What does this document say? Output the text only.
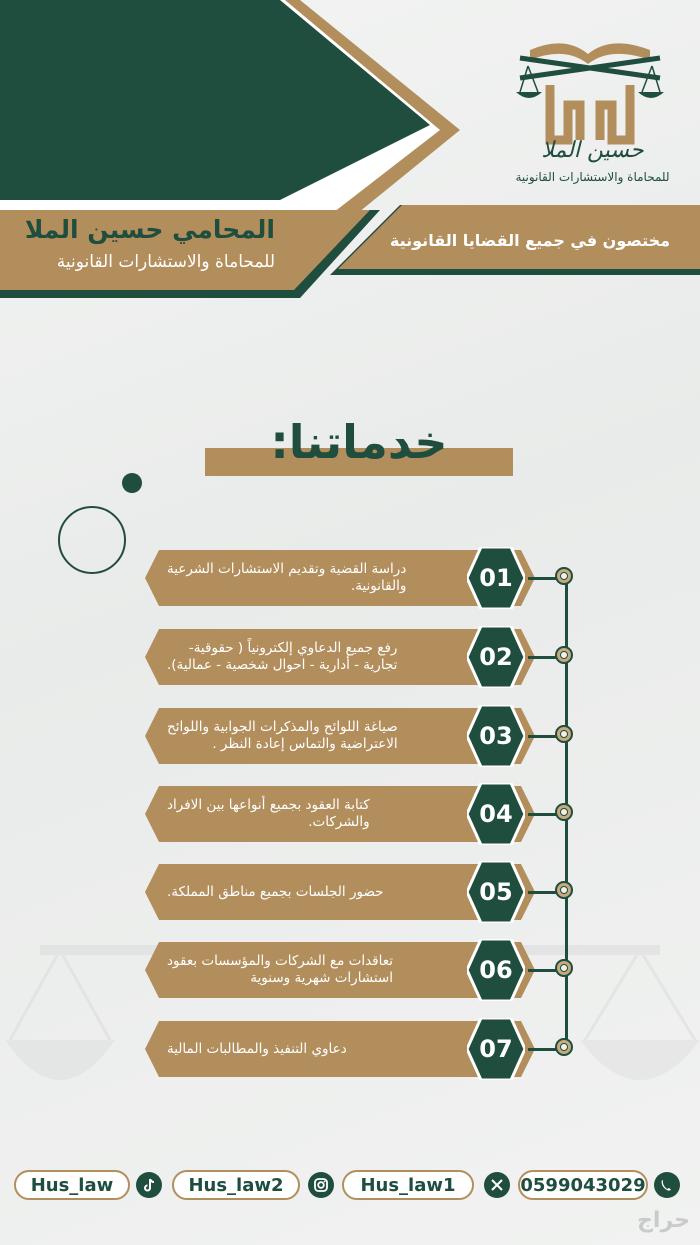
المحامي حسين الملا
للمحاماة والاستشارات القانونية
حسين الملا
للمحاماة والاستشارات القانونية
مختصون في جميع القضايا القانونية
خدماتنا:
دراسة القضية وتقديم الاستشارات الشرعية
والقانونية.	01
رفع جميع الدعاوي إلكترونياً ( حقوقية-
تجارية - أدارية - احوال شخصية - عمالية).	02
صياغة اللوائح والمذكرات الجوابية واللوائح
الاعتراضية والتماس إعادة النظر .	03
كتابة العقود بجميع أنواعها بين الافراد
والشركات.	04
حضور الجلسات بجميع مناطق المملكة.	05
تعاقدات مع الشركات والمؤسسات بعقود
استشارات شهرية وسنوية	06
دعاوي التنفيذ والمطالبات المالية	07
Hus_law	Hus_law2	Hus_law1	0599043029
حراج
